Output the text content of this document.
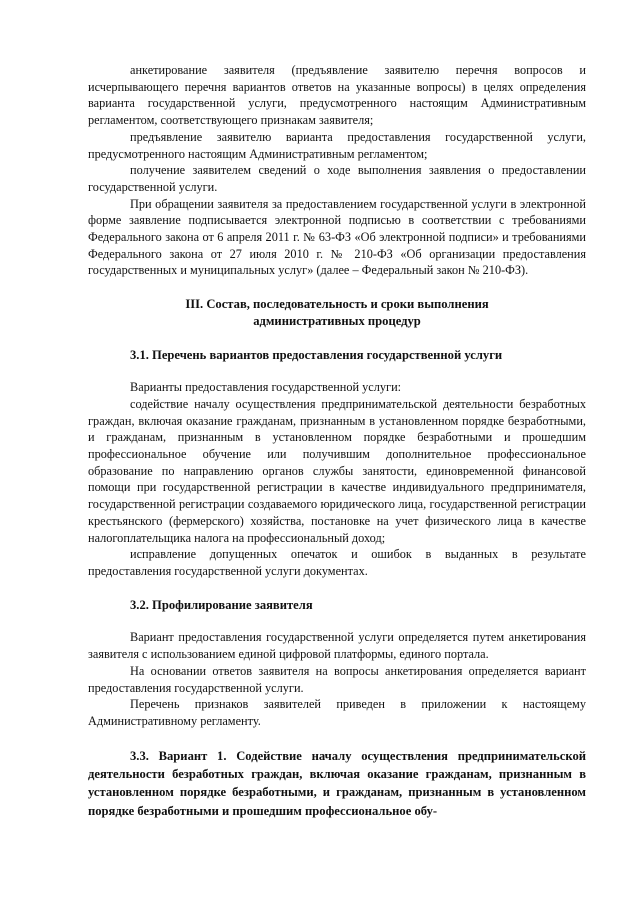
анкетирование заявителя (предъявление заявителю перечня вопросов и исчерпывающего перечня вариантов ответов на указанные вопросы) в целях определения варианта государственной услуги, предусмотренного настоящим Административным регламентом, соответствующего признакам заявителя;

предъявление заявителю варианта предоставления государственной услуги, предусмотренного настоящим Административным регламентом;

получение заявителем сведений о ходе выполнения заявления о предоставлении государственной услуги.

При обращении заявителя за предоставлением государственной услуги в электронной форме заявление подписывается электронной подписью в соответствии с требованиями Федерального закона от 6 апреля 2011 г. № 63-ФЗ «Об электронной подписи» и требованиями Федерального закона от 27 июля 2010 г. № 210-ФЗ «Об организации предоставления государственных и муниципальных услуг» (далее – Федеральный закон № 210-ФЗ).

III. Состав, последовательность и сроки выполнения

административных процедур

3.1. Перечень вариантов предоставления государственной услуги

Варианты предоставления государственной услуги:

содействие началу осуществления предпринимательской деятельности безработных граждан, включая оказание гражданам, признанным в установленном порядке безработными, и гражданам, признанным в установленном порядке безработными и прошедшим профессиональное обучение или получившим дополнительное профессиональное образование по направлению органов службы занятости, единовременной финансовой помощи при государственной регистрации в качестве индивидуального предпринимателя, государственной регистрации создаваемого юридического лица, государственной регистрации крестьянского (фермерского) хозяйства, постановке на учет физического лица в качестве налогоплательщика налога на профессиональный доход;

исправление допущенных опечаток и ошибок в выданных в результате предоставления государственной услуги документах.

3.2. Профилирование заявителя

Вариант предоставления государственной услуги определяется путем анкетирования заявителя с использованием единой цифровой платформы, единого портала.

На основании ответов заявителя на вопросы анкетирования определяется вариант предоставления государственной услуги.

Перечень признаков заявителей приведен в приложении к настоящему Административному регламенту.

3.3. Вариант 1. Содействие началу осуществления предпринимательской деятельности безработных граждан, включая оказание гражданам, признанным в установленном порядке безработными, и гражданам, признанным в установленном порядке безработными и прошедшим профессиональное обу-
